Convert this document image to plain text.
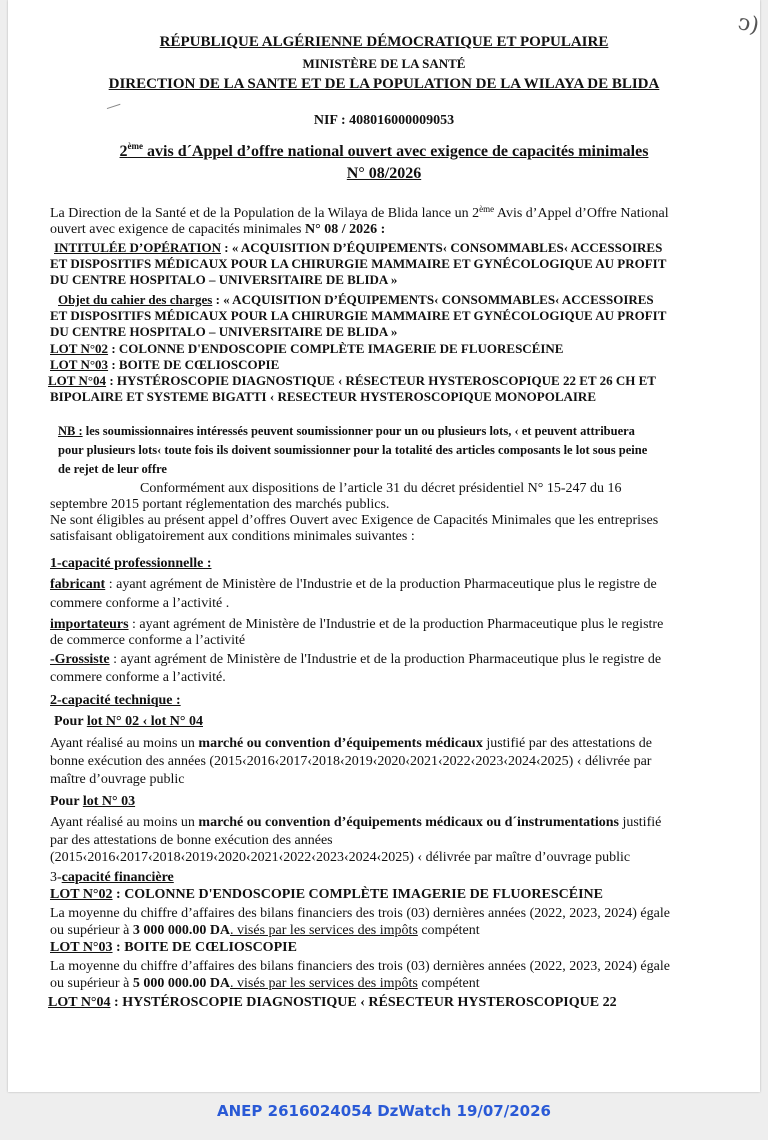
RÉPUBLIQUE ALGÉRIENNE DÉMOCRATIQUE ET POPULAIRE
MINISTÈRE DE LA SANTÉ
DIRECTION DE LA SANTE ET DE LA POPULATION DE LA WILAYA DE BLIDA
NIF : 408016000009053
2ème avis d´Appel d’offre national ouvert avec exigence de capacités minimales
N° 08/2026
La Direction de la Santé et de la Population de la Wilaya de Blida lance un 2ème Avis d’Appel d’Offre National
ouvert avec exigence de capacités minimales N° 08 / 2026 :
INTITULÉE D’OPÉRATION : « ACQUISITION D’ÉQUIPEMENTS‹ CONSOMMABLES‹ ACCESSOIRES
ET DISPOSITIFS MÉDICAUX POUR LA CHIRURGIE MAMMAIRE ET GYNÉCOLOGIQUE AU PROFIT
DU CENTRE HOSPITALO – UNIVERSITAIRE DE BLIDA »
Objet du cahier des charges : « ACQUISITION D’ÉQUIPEMENTS‹ CONSOMMABLES‹ ACCESSOIRES
ET DISPOSITIFS MÉDICAUX POUR LA CHIRURGIE MAMMAIRE ET GYNÉCOLOGIQUE AU PROFIT
DU CENTRE HOSPITALO – UNIVERSITAIRE DE BLIDA »
LOT N°02 : COLONNE D'ENDOSCOPIE COMPLÈTE IMAGERIE DE FLUORESCÉINE
LOT N°03 : BOITE DE CŒLIOSCOPIE
LOT N°04 : HYSTÉROSCOPIE DIAGNOSTIQUE ‹ RÉSECTEUR HYSTEROSCOPIQUE 22 ET 26 CH ET
BIPOLAIRE ET SYSTEME BIGATTI ‹ RESECTEUR HYSTEROSCOPIQUE MONOPOLAIRE
NB : les soumissionnaires intéressés peuvent soumissionner pour un ou plusieurs lots, ‹ et peuvent attribuera
pour plusieurs lots‹ toute fois ils doivent soumissionner pour la totalité des articles composants le lot sous peine
de rejet de leur offre
Conformément aux dispositions de l’article 31 du décret présidentiel N° 15-247 du 16
septembre 2015 portant réglementation des marchés publics.
Ne sont éligibles au présent appel d’offres Ouvert avec Exigence de Capacités Minimales que les entreprises
satisfaisant obligatoirement aux conditions minimales suivantes :
1-capacité professionnelle :
fabricant : ayant agrément de Ministère de l'Industrie et de la production Pharmaceutique plus le registre de
commere conforme a l’activité .
importateurs : ayant agrément de Ministère de l'Industrie et de la production Pharmaceutique plus le registre
de commerce conforme a l’activité
-Grossiste : ayant agrément de Ministère de l'Industrie et de la production Pharmaceutique plus le registre de
commere conforme a l’activité.
2-capacité technique :
Pour lot N° 02 ‹ lot N° 04
Ayant réalisé au moins un marché ou convention d’équipements médicaux justifié par des attestations de
bonne exécution des années (2015‹2016‹2017‹2018‹2019‹2020‹2021‹2022‹2023‹2024‹2025) ‹ délivrée par
maître d’ouvrage public
Pour lot N° 03
Ayant réalisé au moins un marché ou convention d’équipements médicaux ou d´instrumentations justifié
par des attestations de bonne exécution des années
(2015‹2016‹2017‹2018‹2019‹2020‹2021‹2022‹2023‹2024‹2025) ‹ délivrée par maître d’ouvrage public
3-capacité financière
LOT N°02 : COLONNE D'ENDOSCOPIE COMPLÈTE IMAGERIE DE FLUORESCÉINE
La moyenne du chiffre d’affaires des bilans financiers des trois (03) dernières années (2022, 2023, 2024) égale
ou supérieur à 3 000 000.00 DA. visés par les services des impôts compétent
LOT N°03 : BOITE DE CŒLIOSCOPIE
La moyenne du chiffre d’affaires des bilans financiers des trois (03) dernières années (2022, 2023, 2024) égale
ou supérieur à 5 000 000.00 DA. visés par les services des impôts compétent
LOT N°04 : HYSTÉROSCOPIE DIAGNOSTIQUE ‹ RÉSECTEUR HYSTEROSCOPIQUE 22
ↄ)
ANEP 2616024054 DzWatch 19/07/2026
